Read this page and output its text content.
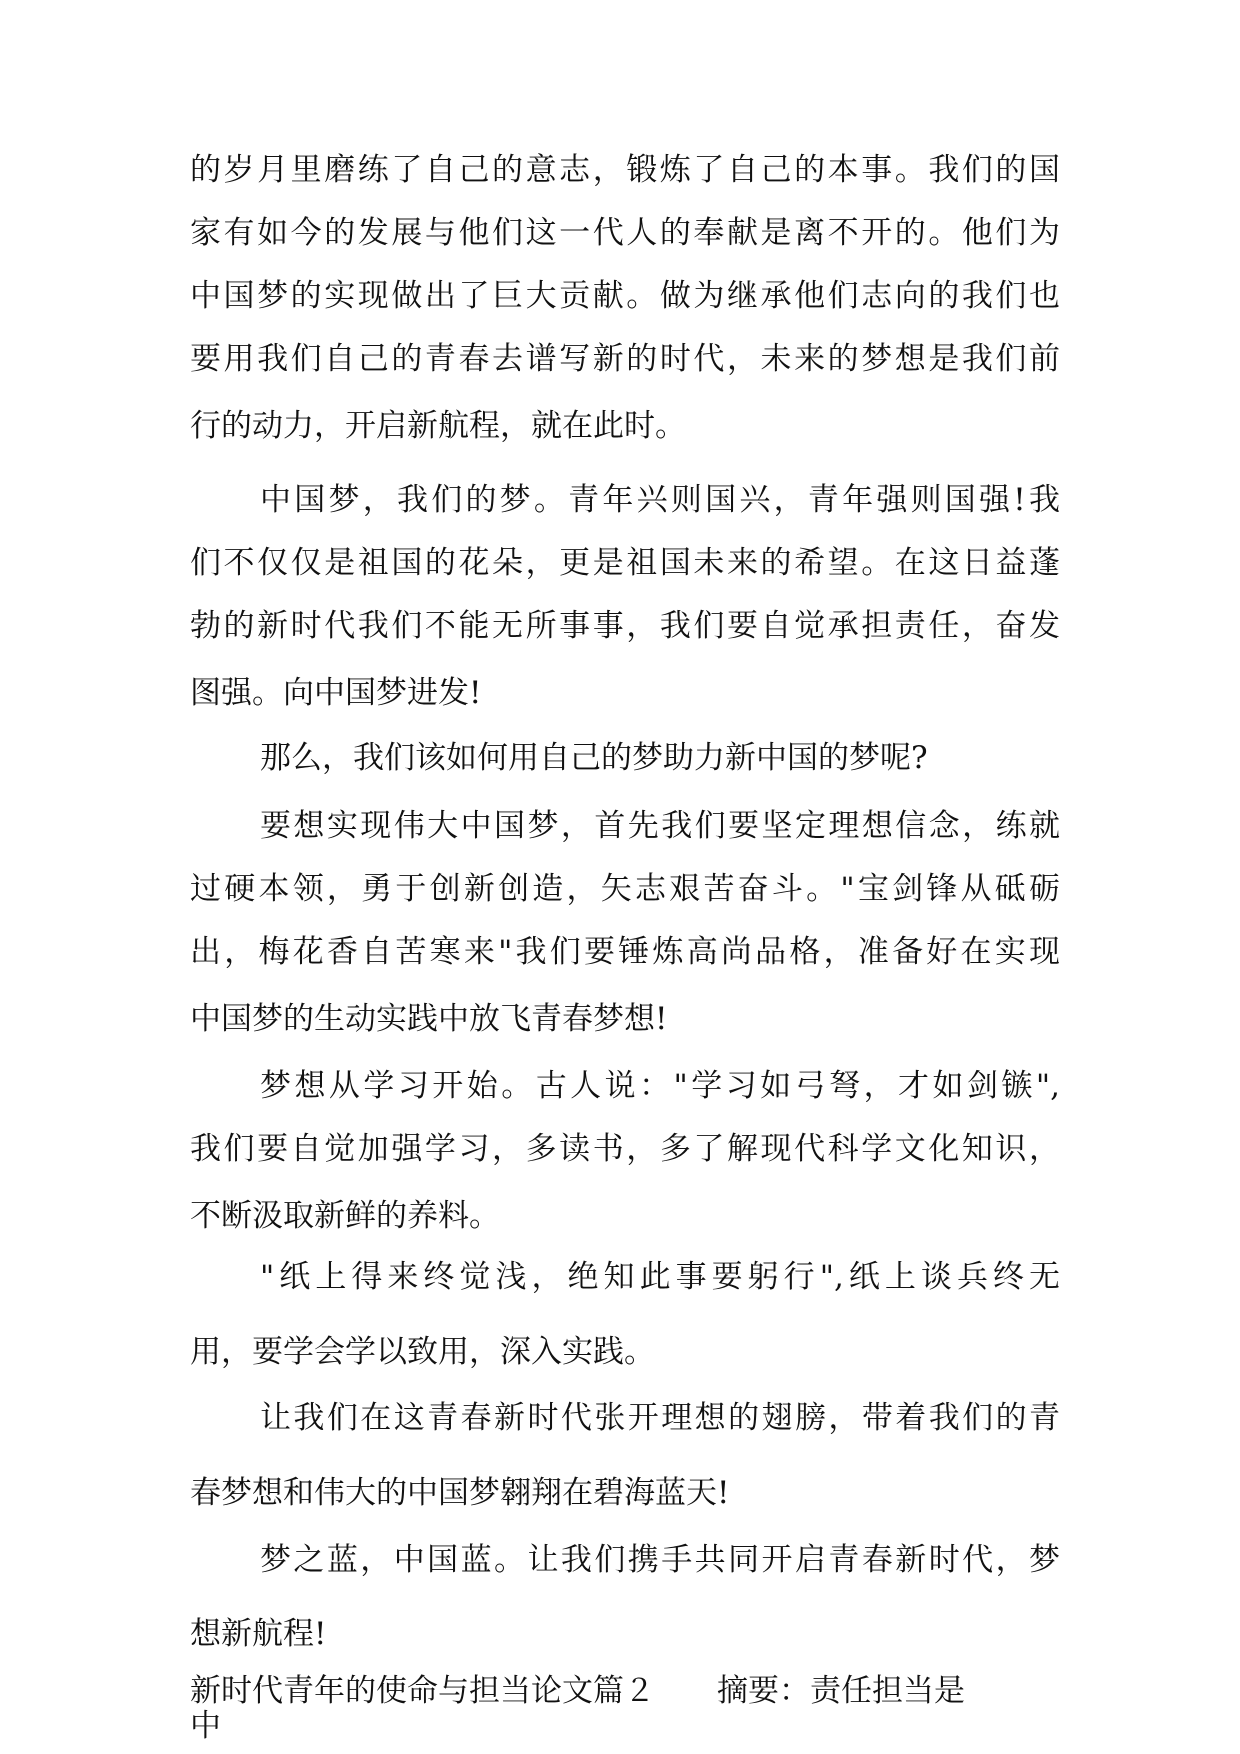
的岁月里磨练了自己的意志，锻炼了自己的本事。我们的国
家有如今的发展与他们这一代人的奉献是离不开的。他们为
中国梦的实现做出了巨大贡献。做为继承他们志向的我们也
要用我们自己的青春去谱写新的时代，未来的梦想是我们前
行的动力，开启新航程，就在此时。
中国梦，我们的梦。青年兴则国兴，青年强则国强!我
们不仅仅是祖国的花朵，更是祖国未来的希望。在这日益蓬
勃的新时代我们不能无所事事，我们要自觉承担责任，奋发
图强。向中国梦进发!
那么，我们该如何用自己的梦助力新中国的梦呢?
要想实现伟大中国梦，首先我们要坚定理想信念，练就
过硬本领，勇于创新创造，矢志艰苦奋斗。"宝剑锋从砥砺
出，梅花香自苦寒来"我们要锤炼高尚品格，准备好在实现
中国梦的生动实践中放飞青春梦想!
梦想从学习开始。古人说："学习如弓弩，才如剑镞",
我们要自觉加强学习，多读书，多了解现代科学文化知识，
不断汲取新鲜的养料。
"纸上得来终觉浅，绝知此事要躬行",纸上谈兵终无
用，要学会学以致用，深入实践。
让我们在这青春新时代张开理想的翅膀，带着我们的青
春梦想和伟大的中国梦翱翔在碧海蓝天!
梦之蓝，中国蓝。让我们携手共同开启青春新时代，梦
想新航程!
新时代青年的使命与担当论文篇２　　摘要：责任担当是
中
